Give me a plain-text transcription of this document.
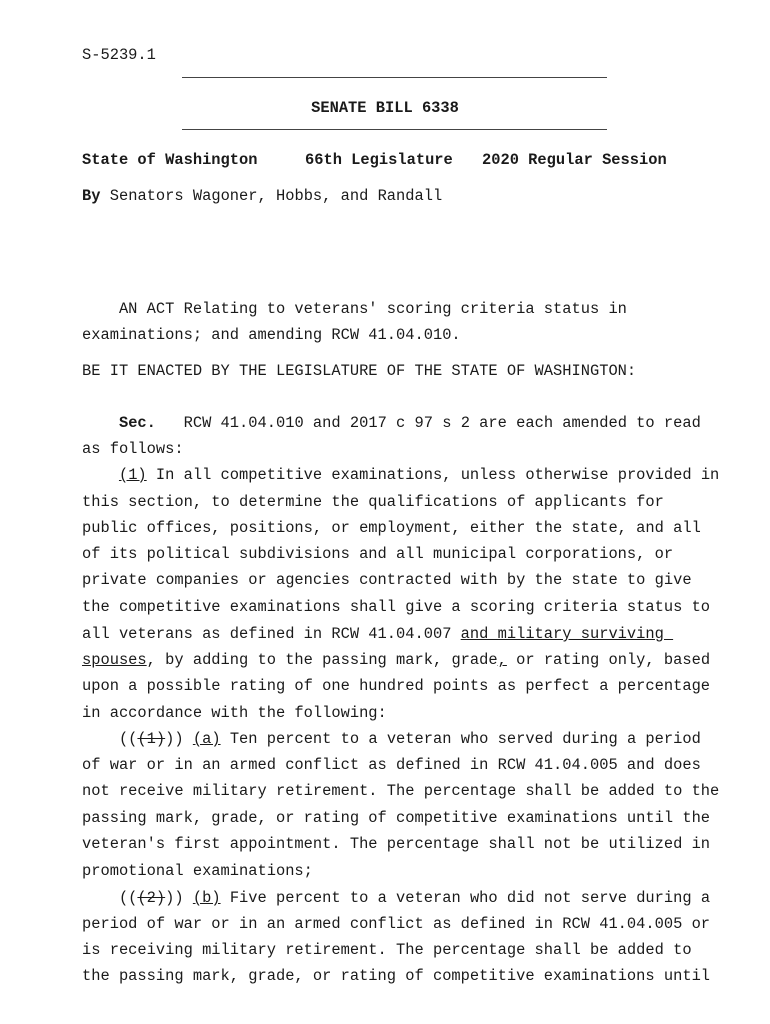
S-5239.1
SENATE BILL 6338

State of Washington

	66th Legislature

2020 Regular Session

By Senators Wagoner, Hobbs, and Randall
AN ACT Relating to veterans' scoring criteria status in
examinations; and amending RCW 41.04.010.
BE IT ENACTED BY THE LEGISLATURE OF THE STATE OF WASHINGTON:
Sec.   RCW 41.04.010 and 2017 c 97 s 2 are each amended to read
as follows:
(1) In all competitive examinations, unless otherwise provided in
this section, to determine the qualifications of applicants for
public offices, positions, or employment, either the state, and all
of its political subdivisions and all municipal corporations, or
private companies or agencies contracted with by the state to give
the competitive examinations shall give a scoring criteria status to
all veterans as defined in RCW 41.04.007 and military surviving
spouses, by adding to the passing mark, grade, or rating only, based
upon a possible rating of one hundred points as perfect a percentage
in accordance with the following:
(((1))) (a) Ten percent to a veteran who served during a period
of war or in an armed conflict as defined in RCW 41.04.005 and does
not receive military retirement. The percentage shall be added to the
passing mark, grade, or rating of competitive examinations until the
veteran's first appointment. The percentage shall not be utilized in
promotional examinations;
(((2))) (b) Five percent to a veteran who did not serve during a
period of war or in an armed conflict as defined in RCW 41.04.005 or
is receiving military retirement. The percentage shall be added to
the passing mark, grade, or rating of competitive examinations until
